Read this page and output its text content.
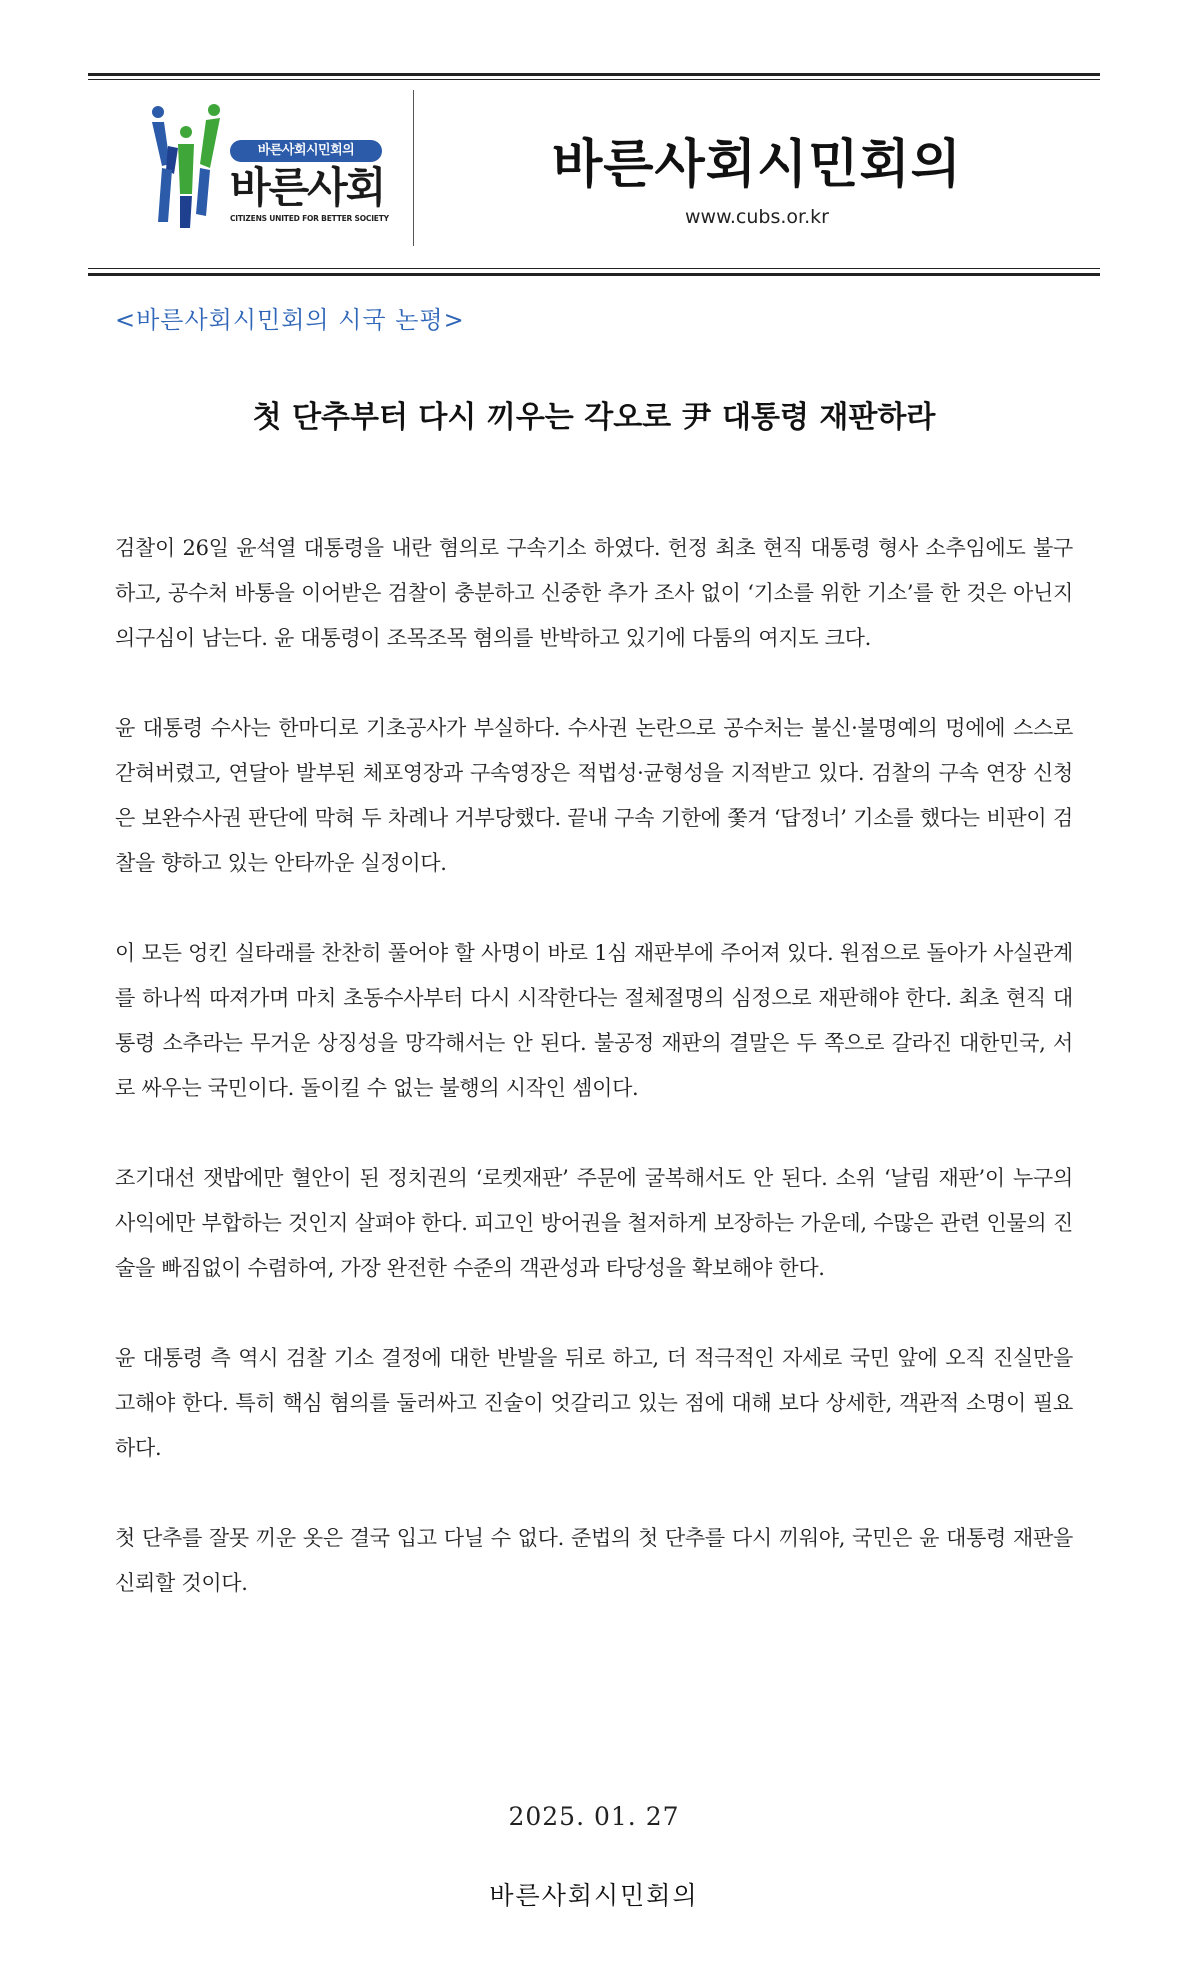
바른사회시민회의
바른사회
CITIZENS UNITED FOR BETTER SOCIETY
바른사회시민회의
www.cubs.or.kr
<바른사회시민회의 시국 논평>
첫 단추부터 다시 끼우는 각오로 尹 대통령 재판하라

검찰이 26일 윤석열 대통령을 내란 혐의로 구속기소 하였다. 헌정 최초 현직 대통령 형사 소추임에도 불구하고, 공수처 바통을 이어받은 검찰이 충분하고 신중한 추가 조사 없이 ‘기소를 위한 기소’를 한 것은 아닌지 의구심이 남는다. 윤 대통령이 조목조목 혐의를 반박하고 있기에 다툼의 여지도 크다.

윤 대통령 수사는 한마디로 기초공사가 부실하다. 수사권 논란으로 공수처는 불신·불명예의 멍에에 스스로 갇혀버렸고, 연달아 발부된 체포영장과 구속영장은 적법성·균형성을 지적받고 있다. 검찰의 구속 연장 신청은 보완수사권 판단에 막혀 두 차례나 거부당했다. 끝내 구속 기한에 쫓겨 ‘답정너’ 기소를 했다는 비판이 검찰을 향하고 있는 안타까운 실정이다.

이 모든 엉킨 실타래를 찬찬히 풀어야 할 사명이 바로 1심 재판부에 주어져 있다. 원점으로 돌아가 사실관계를 하나씩 따져가며 마치 초동수사부터 다시 시작한다는 절체절명의 심정으로 재판해야 한다. 최초 현직 대통령 소추라는 무거운 상징성을 망각해서는 안 된다. 불공정 재판의 결말은 두 쪽으로 갈라진 대한민국, 서로 싸우는 국민이다. 돌이킬 수 없는 불행의 시작인 셈이다.

조기대선 잿밥에만 혈안이 된 정치권의 ‘로켓재판’ 주문에 굴복해서도 안 된다. 소위 ‘날림 재판’이 누구의 사익에만 부합하는 것인지 살펴야 한다. 피고인 방어권을 철저하게 보장하는 가운데, 수많은 관련 인물의 진술을 빠짐없이 수렴하여, 가장 완전한 수준의 객관성과 타당성을 확보해야 한다.

윤 대통령 측 역시 검찰 기소 결정에 대한 반발을 뒤로 하고, 더 적극적인 자세로 국민 앞에 오직 진실만을 고해야 한다. 특히 핵심 혐의를 둘러싸고 진술이 엇갈리고 있는 점에 대해 보다 상세한, 객관적 소명이 필요하다.

첫 단추를 잘못 끼운 옷은 결국 입고 다닐 수 없다. 준법의 첫 단추를 다시 끼워야, 국민은 윤 대통령 재판을 신뢰할 것이다.

2025. 01. 27
바른사회시민회의
